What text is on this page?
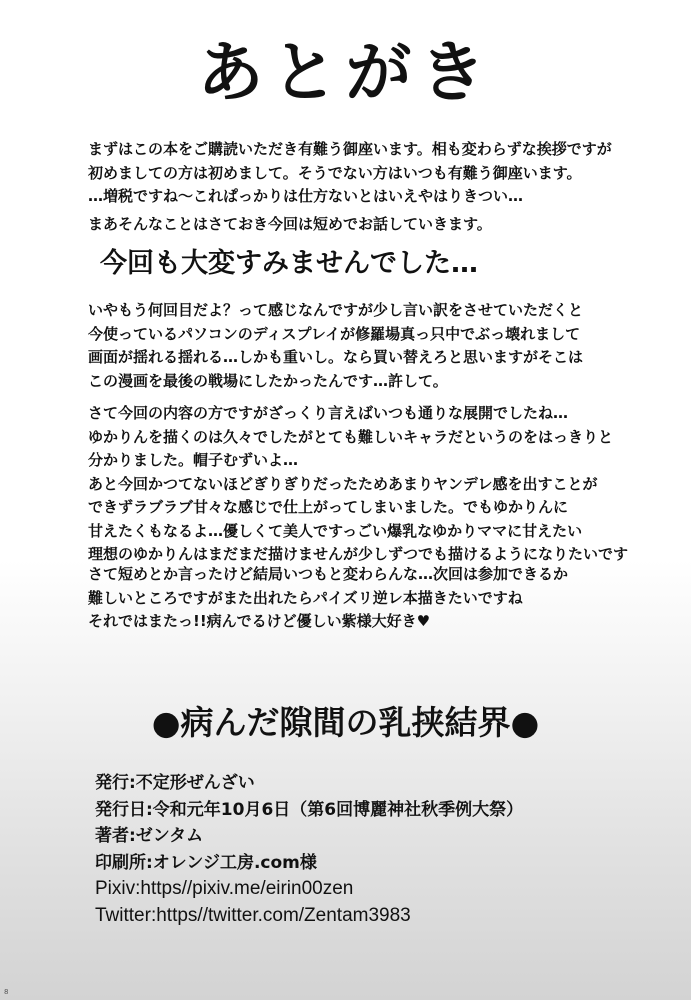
あとがき
まずはこの本をご購読いただき有難う御座います。相も変わらずな挨拶ですが
初めましての方は初めまして。そうでない方はいつも有難う御座います。
…増税ですね～これぱっかりは仕方ないとはいえやはりきつい…
まあそんなことはさておき今回は短めでお話していきます。
今回も大変すみませんでした…
いやもう何回目だよ？って感じなんですが少し言い訳をさせていただくと
今使っているパソコンのディスプレイが修羅場真っ只中でぶっ壊れまして
画面が揺れる揺れる…しかも重いし。なら買い替えろと思いますがそこは
この漫画を最後の戦場にしたかったんです…許して。
さて今回の内容の方ですがざっくり言えばいつも通りな展開でしたね…
ゆかりんを描くのは久々でしたがとても難しいキャラだというのをはっきりと
分かりました。帽子むずいよ…
あと今回かつてないほどぎりぎりだったためあまりヤンデレ感を出すことが
できずラブラブ甘々な感じで仕上がってしまいました。でもゆかりんに
甘えたくもなるよ…優しくて美人ですっごい爆乳なゆかりママに甘えたい
理想のゆかりんはまだまだ描けませんが少しずつでも描けるようになりたいです
さて短めとか言ったけど結局いつもと変わらんな…次回は参加できるか
難しいところですがまた出れたらパイズリ逆レ本描きたいですね
それではまたっ!!病んでるけど優しい紫様大好き♥
●病んだ隙間の乳挟結界●
発行:不定形ぜんざい
発行日:令和元年10月6日（第6回博麗神社秋季例大祭）
著者:ゼンタム
印刷所:オレンジ工房.com様
Pixiv:https//pixiv.me/eirin00zen
Twitter:https//twitter.com/Zentam3983
8
